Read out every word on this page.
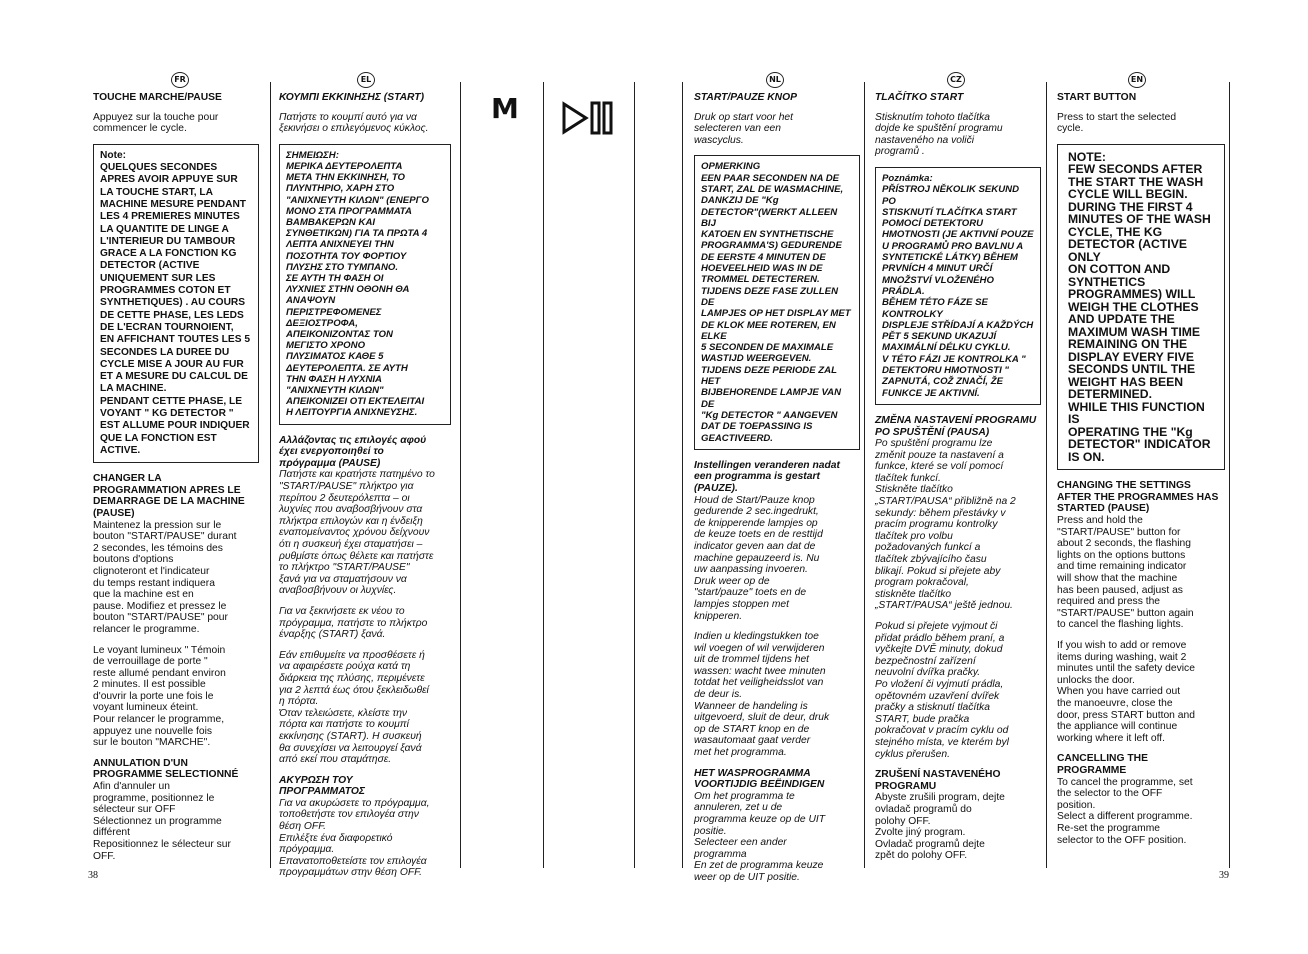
FR	EL	NL	CZ	EN
M
TOUCHE MARCHE/PAUSE

Appuyez sur la touche pour
commencer le cycle.

Note:
QUELQUES SECONDES
APRES AVOIR APPUYE SUR
LA TOUCHE START, LA
MACHINE MESURE PENDANT
LES 4 PREMIERES MINUTES
LA QUANTITE DE LINGE A
L'INTERIEUR DU TAMBOUR
GRACE A LA FONCTION KG
DETECTOR (ACTIVE
UNIQUEMENT SUR LES
PROGRAMMES COTON ET
SYNTHETIQUES) . AU COURS
DE CETTE PHASE, LES LEDS
DE L'ECRAN TOURNOIENT,
EN AFFICHANT TOUTES LES 5
SECONDES LA DUREE DU
CYCLE MISE A JOUR AU FUR
ET A MESURE DU CALCUL DE
LA MACHINE.
PENDANT CETTE PHASE, LE
VOYANT " KG DETECTOR "
EST ALLUME POUR INDIQUER
QUE LA FONCTION EST
ACTIVE.

CHANGER LA
PROGRAMMATION APRES LE
DEMARRAGE DE LA MACHINE
(PAUSE)

Maintenez la pression sur le
bouton "START/PAUSE" durant
2 secondes, les témoins des
boutons d'options
clignoteront et l'indicateur
du temps restant indiquera
que la machine est en
pause. Modifiez et pressez le
bouton "START/PAUSE" pour
relancer le programme.

Le voyant lumineux " Témoin
de verrouillage de porte "
reste allumé pendant environ
2 minutes. Il est possible
d'ouvrir la porte une fois le
voyant lumineux éteint.
Pour relancer le programme,
appuyez une nouvelle fois
sur le bouton "MARCHE".

ANNULATION D'UN
PROGRAMME SELECTIONNÉ

Afin d'annuler un
programme, positionnez le
sélecteur sur OFF
Sélectionnez un programme
différent
Repositionnez le sélecteur sur
OFF.

ΚΟΥΜΠΙ ΕΚΚΙΝΗΣΗΣ (START)

Πατήστε το κουμπί αυτό για να
ξεκινήσει ο επιλεγόμενος κύκλος.

ΣΗΜΕΙΩΣΗ:
ΜΕΡΙΚΑ ΔΕΥΤΕΡΟΛΕΠΤΑ
ΜΕΤΑ ΤΗΝ ΕΚΚΙΝΗΣΗ, ΤΟ
ΠΛΥΝΤΗΡΙΟ, ΧΑΡΗ ΣΤΟ
"ΑΝΙΧΝΕΥΤΗ ΚΙΛΩΝ" (ΕΝΕΡΓΟ
ΜΟΝΟ ΣΤΑ ΠΡΟΓΡΑΜΜΑΤΑ
ΒΑΜΒΑΚΕΡΩΝ ΚΑΙ
ΣΥΝΘΕΤΙΚΩΝ) ΓΙΑ ΤΑ ΠΡΩΤΑ 4
ΛΕΠΤΑ ΑΝΙΧΝΕΥΕΙ ΤΗΝ
ΠΟΣΟΤΗΤΑ ΤΟΥ ΦΟΡΤΙΟΥ
ΠΛΥΣΗΣ ΣΤΟ ΤΥΜΠΑΝΟ.
ΣΕ ΑΥΤΗ ΤΗ ΦΑΣΗ ΟΙ
ΛΥΧΝΙΕΣ ΣΤΗΝ ΟΘΟΝΗ ΘΑ
ΑΝΑΨΟΥΝ
ΠΕΡΙΣΤΡΕΦΟΜΕΝΕΣ
ΔΕΞΙΟΣΤΡΟΦΑ,
ΑΠΕΙΚΟΝΙΖΟΝΤΑΣ ΤΟΝ
ΜΕΓΙΣΤΟ ΧΡΟΝΟ
ΠΛΥΣΙΜΑΤΟΣ ΚΑΘΕ 5
ΔΕΥΤΕΡΟΛΕΠΤΑ. ΣΕ ΑΥΤΗ
ΤΗΝ ΦΑΣΗ Η ΛΥΧΝΙΑ
"ΑΝΙΧΝΕΥΤΗ ΚΙΛΩΝ"
ΑΠΕΙΚΟΝΙΖΕΙ ΟΤΙ ΕΚΤΕΛΕΙΤΑΙ
Η ΛΕΙΤΟΥΡΓΙΑ ΑΝΙΧΝΕΥΣΗΣ.

Αλλάζοντας τις επιλογές αφού
έχει ενεργοποιηθεί το
πρόγραμμα (PAUSE)

Πατήστε και κρατήστε πατημένο το
"START/PAUSE" πλήκτρο για
περίπου 2 δευτερόλεπτα – οι
λυχνίες που αναβοσβήνουν στα
πλήκτρα επιλογών και η ένδειξη
εναπομείναντος χρόνου δείχνουν
ότι η συσκευή έχει σταματήσει –
ρυθμίστε όπως θέλετε και πατήστε
το πλήκτρο "START/PAUSE"
ξανά για να σταματήσουν να
αναβοσβήνουν οι λυχνίες.

Για να ξεκινήσετε εκ νέου το
πρόγραμμα, πατήστε το πλήκτρο
έναρξης (START) ξανά.

Εάν επιθυμείτε να προσθέσετε ή
να αφαιρέσετε ρούχα κατά τη
διάρκεια της πλύσης, περιμένετε
για 2 λεπτά έως ότου ξεκλειδωθεί
η πόρτα.
Όταν τελειώσετε, κλείστε την
πόρτα και πατήστε το κουμπί
εκκίνησης (START). Η συσκευή
θα συνεχίσει να λειτουργεί ξανά
από εκεί που σταμάτησε.

ΑΚΥΡΩΣΗ ΤΟΥ
ΠΡΟΓΡΑΜΜΑΤΟΣ

Για να ακυρώσετε το πρόγραμμα,
τοποθετήστε τον επιλογέα στην
θέση OFF.
Επιλέξτε ένα διαφορετικό
πρόγραμμα.
Επανατοποθετείστε τον επιλογέα
προγραμμάτων στην θέση OFF.

START/PAUZE KNOP

Druk op start voor het
selecteren van een
wascyclus.

OPMERKING
EEN PAAR SECONDEN NA DE
START, ZAL DE WASMACHINE,
DANKZIJ DE "Kg
DETECTOR"(WERKT ALLEEN BIJ
KATOEN EN SYNTHETISCHE
PROGRAMMA'S) GEDURENDE
DE EERSTE 4 MINUTEN DE
HOEVEELHEID WAS IN DE
TROMMEL DETECTEREN.
TIJDENS DEZE FASE ZULLEN DE
LAMPJES OP HET DISPLAY MET
DE KLOK MEE ROTEREN, EN ELKE
5 SECONDEN DE MAXIMALE
WASTIJD WEERGEVEN.
TIJDENS DEZE PERIODE ZAL HET
BIJBEHORENDE LAMPJE VAN DE
"Kg DETECTOR " AANGEVEN
DAT DE TOEPASSING IS
GEACTIVEERD.

Instellingen veranderen nadat
een programma is gestart
(PAUZE).

Houd de Start/Pauze knop
gedurende 2 sec.ingedrukt,
de knipperende lampjes op
de keuze toets en de resttijd
indicator geven aan dat de
machine gepauzeerd is. Nu
uw aanpassing invoeren.
Druk weer op de
"start/pauze" toets en de
lampjes stoppen met
knipperen.

Indien u kledingstukken toe
wil voegen of wil verwijderen
uit de trommel tijdens het
wassen: wacht twee minuten
totdat het veiligheidsslot van
de deur is.
Wanneer de handeling is
uitgevoerd, sluit de deur, druk
op de START knop en de
wasautomaat gaat verder
met het programma.

HET WASPROGRAMMA
VOORTIJDIG BEËINDIGEN

Om het programma te
annuleren, zet u de
programma keuze op de UIT
positie.
Selecteer een ander
programma
En zet de programma keuze
weer op de UIT positie.

TLAČÍTKO START

Stisknutím tohoto tlačítka
dojde ke spuštění programu
nastaveného na voliči
programů .

Poznámka:
PŘÍSTROJ NĚKOLIK SEKUND PO
STISKNUTÍ TLAČÍTKA START
POMOCÍ DETEKTORU
HMOTNOSTI (JE AKTIVNÍ POUZE
U PROGRAMŮ PRO BAVLNU A
SYNTETICKÉ LÁTKY) BĚHEM
PRVNÍCH 4 MINUT URČÍ
MNOŽSTVÍ VLOŽENÉHO PRÁDLA.
BĚHEM TÉTO FÁZE SE KONTROLKY
DISPLEJE STŘÍDAJÍ A KAŽDÝCH
PĚT 5 SEKUND UKAZUJÍ
MAXIMÁLNÍ DÉLKU CYKLU.
V TÉTO FÁZI JE KONTROLKA "
DETEKTORU HMOTNOSTI "
ZAPNUTÁ, COŽ ZNAČÍ, ŽE
FUNKCE JE AKTIVNÍ.

ZMĚNA NASTAVENÍ PROGRAMU
PO SPUŠTĚNÍ (PAUSA)

Po spuštění programu lze
změnit pouze ta nastavení a
funkce, které se volí pomocí
tlačítek funkcí.
Stiskněte tlačítko
„START/PAUSA“ přibližně na 2
sekundy: během přestávky v
pracím programu kontrolky
tlačítek pro volbu
požadovaných funkcí a
tlačítek zbývajícího času
blikají. Pokud si přejete aby
program pokračoval,
stiskněte tlačítko
„START/PAUSA“ ještě jednou.

Pokud si přejete vyjmout či
přidat prádlo během praní, a
vyčkejte DVĚ minuty, dokud
bezpečnostní zařízení
neuvolní dvířka pračky.
Po vložení či vyjmutí prádla,
opětovném uzavření dvířek
pračky a stisknutí tlačítka
START, bude pračka
pokračovat v pracím cyklu od
stejného místa, ve kterém byl
cyklus přerušen.

ZRUŠENÍ NASTAVENÉHO
PROGRAMU

Abyste zrušili program, dejte
ovladač programů do
polohy OFF.
Zvolte jiný program.
Ovladač programů dejte
zpět do polohy OFF.

START BUTTON

Press to start the selected
cycle.

NOTE:
FEW SECONDS AFTER
THE START THE WASH
CYCLE WILL BEGIN.
DURING THE FIRST 4
MINUTES OF THE WASH
CYCLE, THE KG
DETECTOR (ACTIVE ONLY
ON COTTON AND
SYNTHETICS
PROGRAMMES) WILL
WEIGH THE CLOTHES
AND UPDATE THE
MAXIMUM WASH TIME
REMAINING ON THE
DISPLAY EVERY FIVE
SECONDS UNTIL THE
WEIGHT HAS BEEN
DETERMINED.
WHILE THIS FUNCTION IS
OPERATING THE "Kg
DETECTOR" INDICATOR
IS ON.

CHANGING THE SETTINGS
AFTER THE PROGRAMMES HAS
STARTED (PAUSE)

Press and hold the
"START/PAUSE" button for
about 2 seconds, the flashing
lights on the options buttons
and time remaining indicator
will show that the machine
has been paused, adjust as
required and press the
"START/PAUSE" button again
to cancel the flashing lights.

If you wish to add or remove
items during washing, wait 2
minutes until the safety device
unlocks the door.
When you have carried out
the manoeuvre, close the
door, press START button and
the appliance will continue
working where it left off.

CANCELLING THE
PROGRAMME

To cancel the programme, set
the selector to the OFF
position.
Select a different programme.
Re-set the programme
selector to the OFF position.

38	39
